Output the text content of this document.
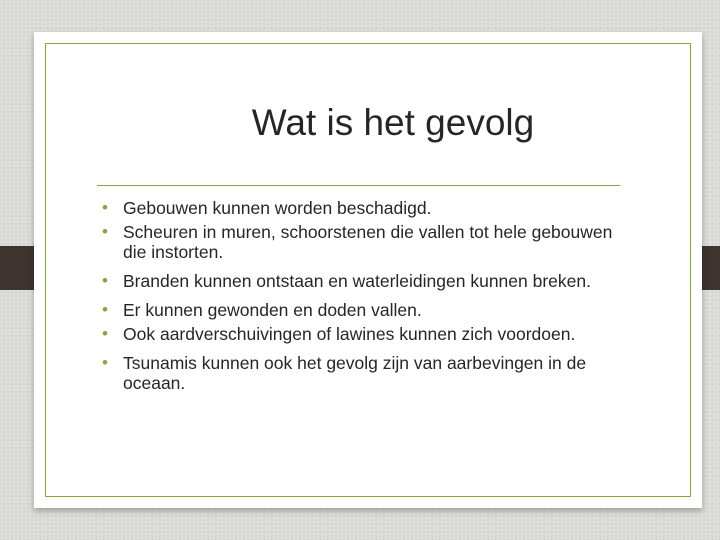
Wat is het gevolg
• Gebouwen kunnen worden beschadigd.
• Scheuren in muren, schoorstenen die vallen tot hele gebouwen die instorten.
• Branden kunnen ontstaan en waterleidingen kunnen breken.
• Er kunnen gewonden en doden vallen.
• Ook aardverschuivingen of lawines kunnen zich voordoen.
• Tsunamis kunnen ook het gevolg zijn van aarbevingen in de oceaan.
